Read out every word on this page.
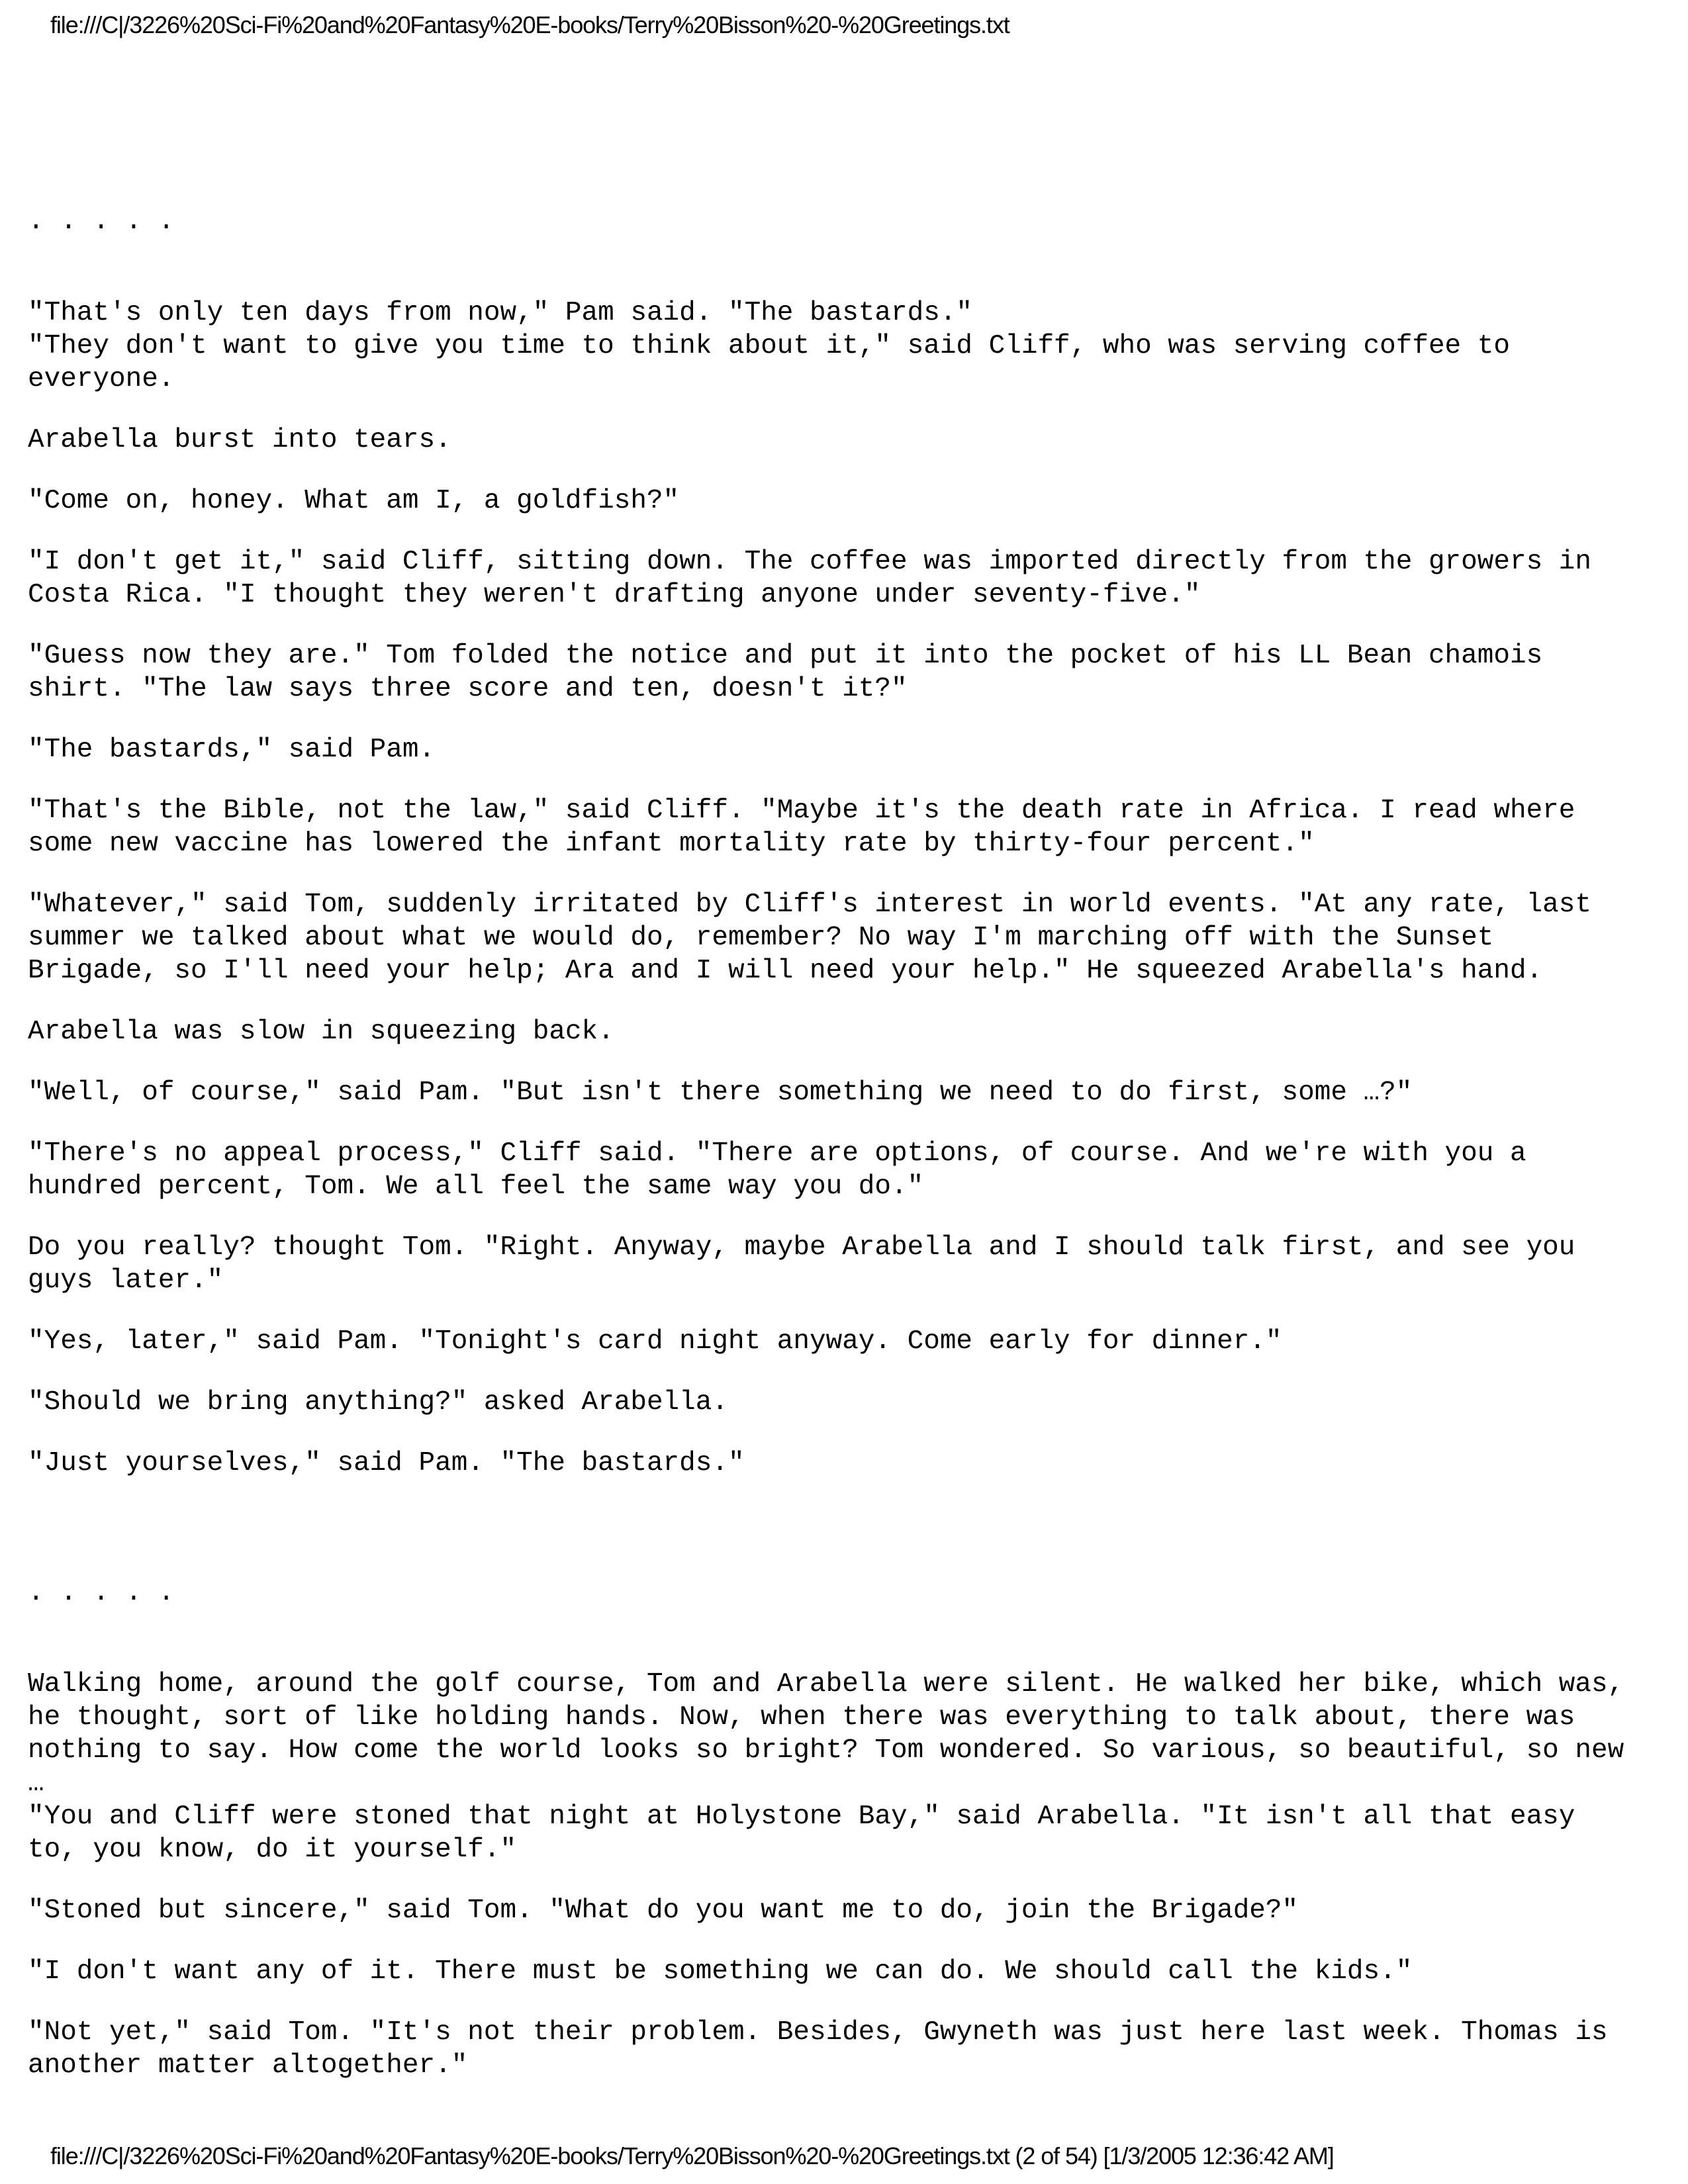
file:///C|/3226%20Sci-Fi%20and%20Fantasy%20E-books/Terry%20Bisson%20-%20Greetings.txt

. . . . .

"That's only ten days from now," Pam said. "The bastards."

"They don't want to give you time to think about it," said Cliff, who was serving coffee to

everyone.

Arabella burst into tears.

"Come on, honey. What am I, a goldfish?"

"I don't get it," said Cliff, sitting down. The coffee was imported directly from the growers in

Costa Rica. "I thought they weren't drafting anyone under seventy-five."

"Guess now they are." Tom folded the notice and put it into the pocket of his LL Bean chamois

shirt. "The law says three score and ten, doesn't it?"

"The bastards," said Pam.

"That's the Bible, not the law," said Cliff. "Maybe it's the death rate in Africa. I read where

some new vaccine has lowered the infant mortality rate by thirty-four percent."

"Whatever," said Tom, suddenly irritated by Cliff's interest in world events. "At any rate, last

summer we talked about what we would do, remember? No way I'm marching off with the Sunset

Brigade, so I'll need your help; Ara and I will need your help." He squeezed Arabella's hand.

Arabella was slow in squeezing back.

"Well, of course," said Pam. "But isn't there something we need to do first, some …?"

"There's no appeal process," Cliff said. "There are options, of course. And we're with you a

hundred percent, Tom. We all feel the same way you do."

Do you really? thought Tom. "Right. Anyway, maybe Arabella and I should talk first, and see you

guys later."

"Yes, later," said Pam. "Tonight's card night anyway. Come early for dinner."

"Should we bring anything?" asked Arabella.

"Just yourselves," said Pam. "The bastards."

. . . . .

Walking home, around the golf course, Tom and Arabella were silent. He walked her bike, which was,

he thought, sort of like holding hands. Now, when there was everything to talk about, there was

nothing to say. How come the world looks so bright? Tom wondered. So various, so beautiful, so new

…

"You and Cliff were stoned that night at Holystone Bay," said Arabella. "It isn't all that easy

to, you know, do it yourself."

"Stoned but sincere," said Tom. "What do you want me to do, join the Brigade?"

"I don't want any of it. There must be something we can do. We should call the kids."

"Not yet," said Tom. "It's not their problem. Besides, Gwyneth was just here last week. Thomas is

another matter altogether."

file:///C|/3226%20Sci-Fi%20and%20Fantasy%20E-books/Terry%20Bisson%20-%20Greetings.txt (2 of 54) [1/3/2005 12:36:42 AM]
